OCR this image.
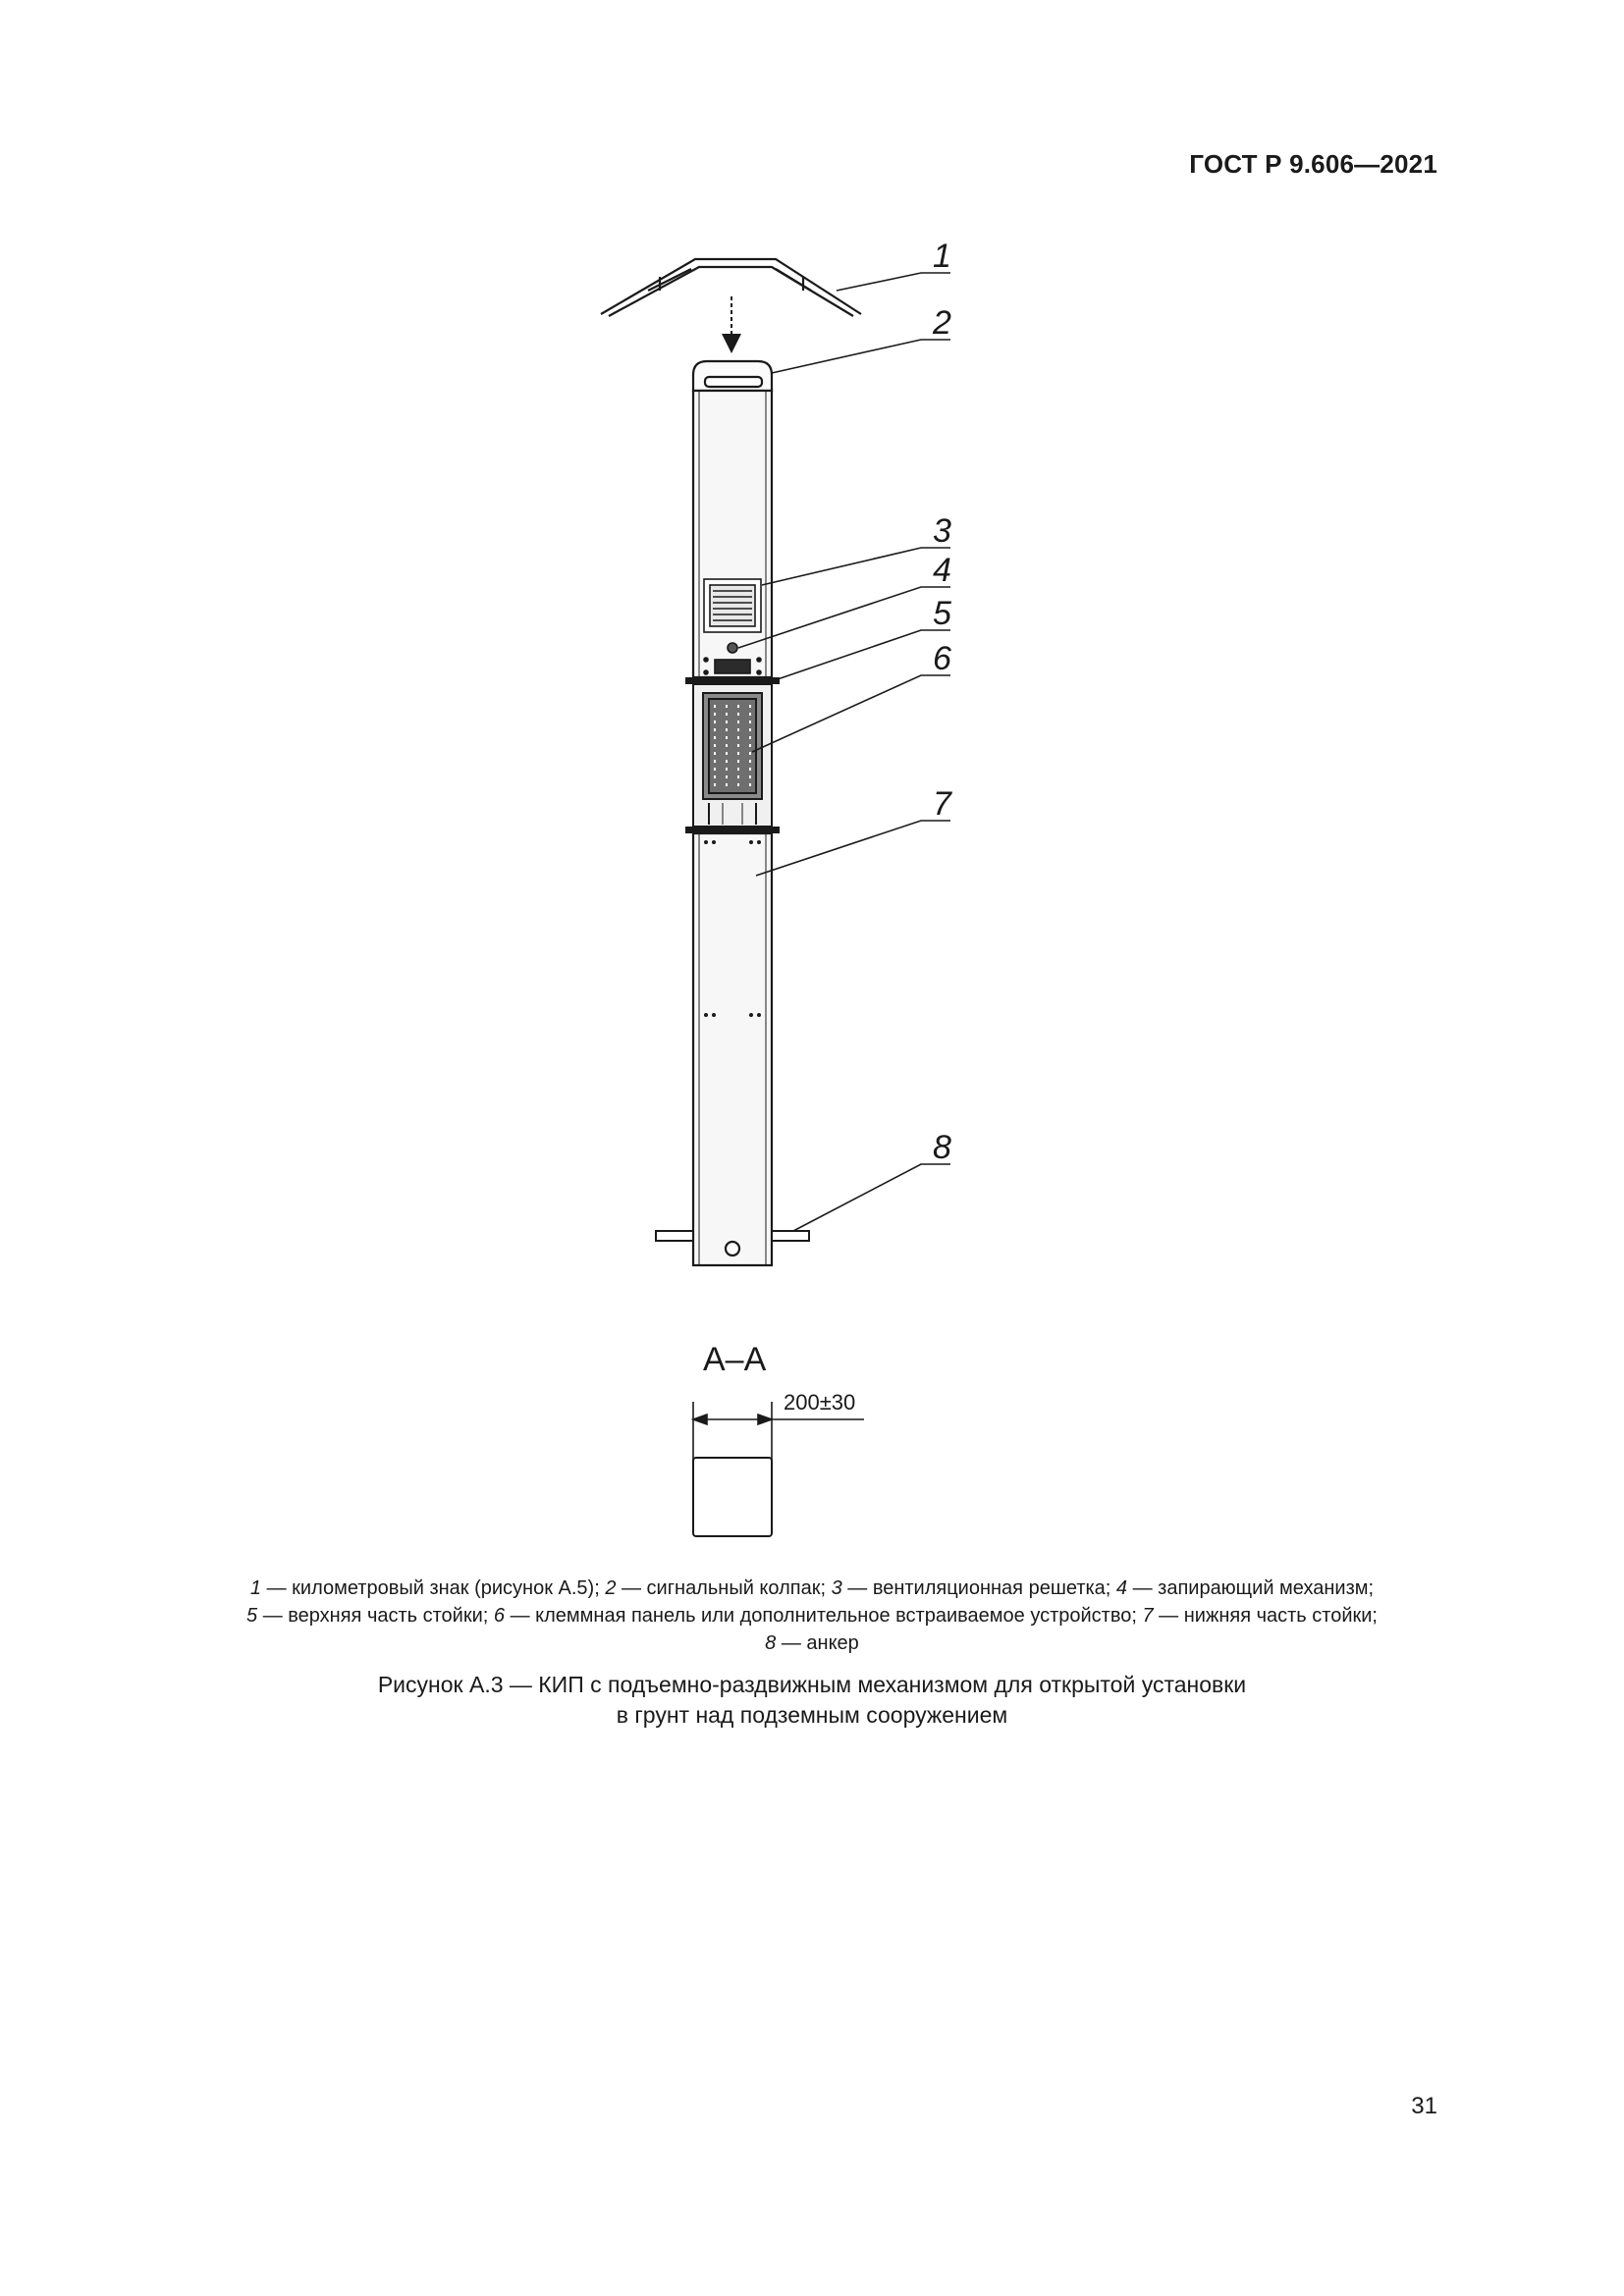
ГОСТ Р 9.606—2021
1
2
3
4
5
6
7
8
А–А
200±30
1 — километровый знак (рисунок А.5); 2 — сигнальный колпак; 3 — вентиляционная решетка; 4 — запирающий механизм;
5 — верхняя часть стойки; 6 — клеммная панель или дополнительное встраиваемое устройство; 7 — нижняя часть стойки;
8 — анкер
Рисунок А.3 — КИП с подъемно-раздвижным механизмом для открытой установки
в грунт над подземным сооружением
31
